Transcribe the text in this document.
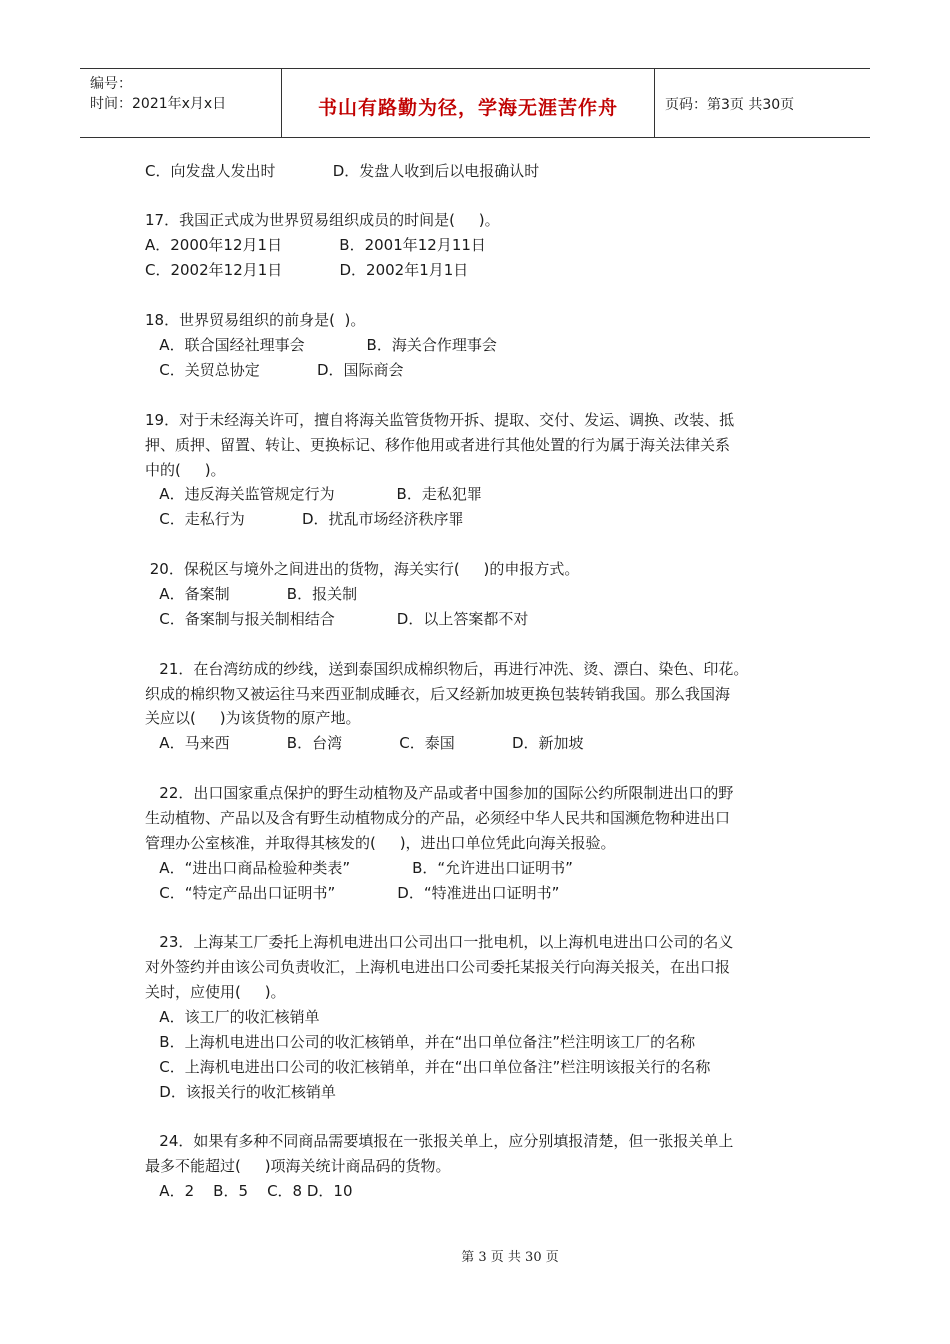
编号：
时间：2021年x月x日	书山有路勤为径，学海无涯苦作舟	页码：第3页 共30页
C．向发盘人发出时            D．发盘人收到后以电报确认时
17．我国正式成为世界贸易组织成员的时间是(     )。
A．2000年12月1日            B．2001年12月11日
C．2002年12月1日            D．2002年1月1日
18．世界贸易组织的前身是(  )。
A．联合国经社理事会             B．海关合作理事会
C．关贸总协定            D．国际商会
19．对于未经海关许可，擅自将海关监管货物开拆、提取、交付、发运、调换、改装、抵
押、质押、留置、转让、更换标记、移作他用或者进行其他处置的行为属于海关法律关系
中的(     )。
A．违反海关监管规定行为             B．走私犯罪
C．走私行为            D．扰乱市场经济秩序罪
20．保税区与境外之间进出的货物，海关实行(     )的申报方式。
A．备案制            B．报关制
C．备案制与报关制相结合             D．以上答案都不对
21．在台湾纺成的纱线，送到泰国织成棉织物后，再进行冲洗、烫、漂白、染色、印花。
织成的棉织物又被运往马来西亚制成睡衣，后又经新加坡更换包装转销我国。那么我国海
关应以(     )为该货物的原产地。
A．马来西            B．台湾            C．泰国            D．新加坡
22．出口国家重点保护的野生动植物及产品或者中国参加的国际公约所限制进出口的野
生动植物、产品以及含有野生动植物成分的产品，必须经中华人民共和国濒危物种进出口
管理办公室核准，并取得其核发的(     )，进出口单位凭此向海关报验。
A．“进出口商品检验种类表”             B．“允许进出口证明书”
C．“特定产品出口证明书”             D．“特准进出口证明书”
23．上海某工厂委托上海机电进出口公司出口一批电机，以上海机电进出口公司的名义
对外签约并由该公司负责收汇，上海机电进出口公司委托某报关行向海关报关，在出口报
关时，应使用(     )。
A．该工厂的收汇核销单
B．上海机电进出口公司的收汇核销单，并在“出口单位备注”栏注明该工厂的名称
C．上海机电进出口公司的收汇核销单，并在“出口单位备注”栏注明该报关行的名称
D．该报关行的收汇核销单
24．如果有多种不同商品需要填报在一张报关单上，应分别填报清楚，但一张报关单上
最多不能超过(     )项海关统计商品码的货物。
A．2    B．5    C．8 D．10
第 3 页 共 30 页
